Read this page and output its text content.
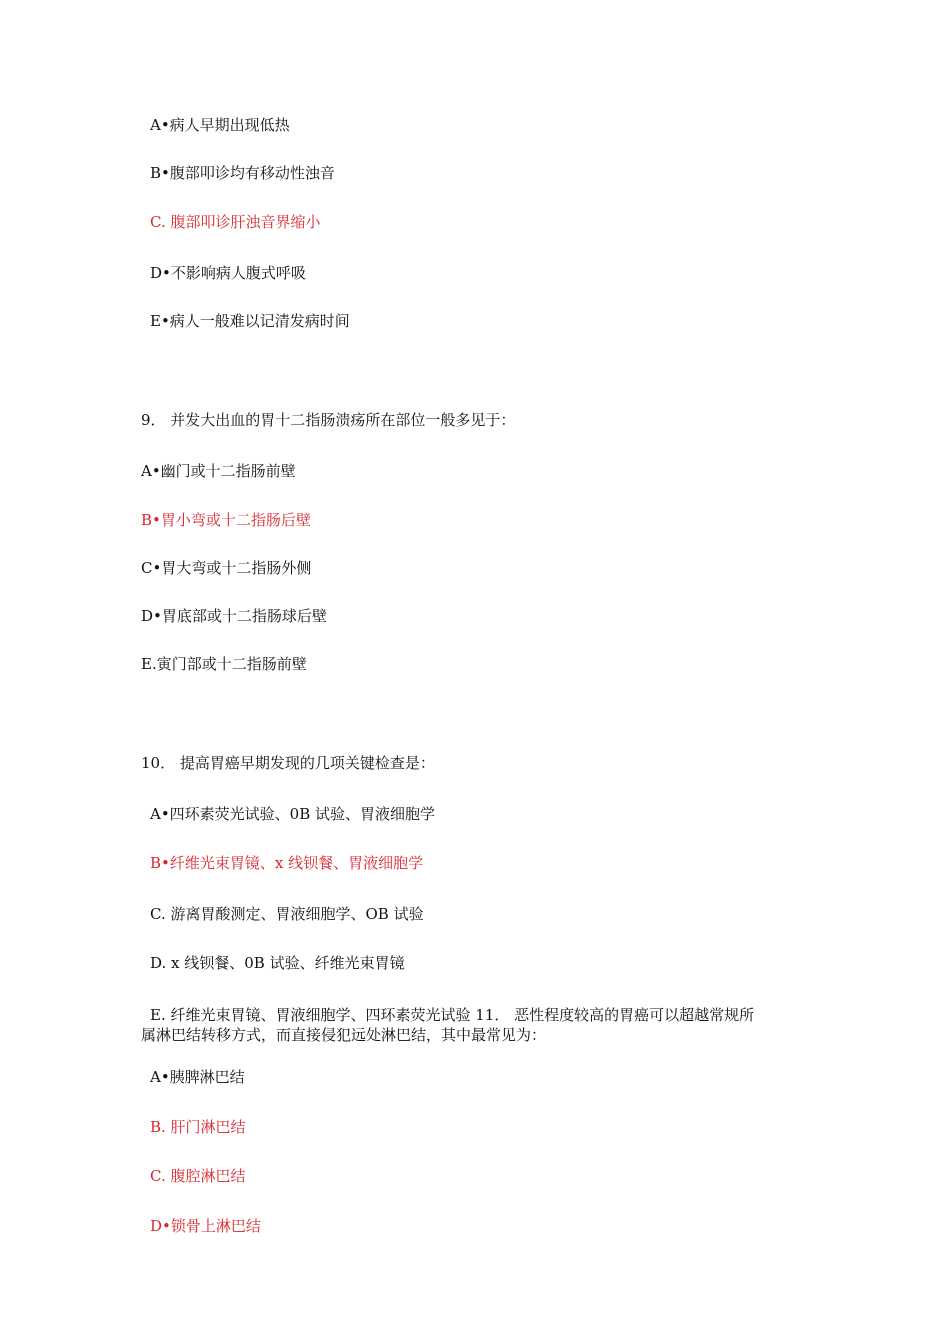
A•病人早期出现低热
B•腹部叩诊均有移动性浊音
C. 腹部叩诊肝浊音界缩小
D•不影响病人腹式呼吸
E•病人一般难以记清发病时间
9． 并发大出血的胃十二指肠溃疡所在部位一般多见于：
A•幽门或十二指肠前壁
B•胃小弯或十二指肠后壁
C•胃大弯或十二指肠外侧
D•胃底部或十二指肠球后壁
E.寅门部或十二指肠前壁
10． 提高胃癌早期发现的几项关键检查是：
A•四环素荧光试验、0B 试验、胃液细胞学
B•纤维光束胃镜、x 线钡餐、胃液细胞学
C. 游离胃酸测定、胃液细胞学、OB 试验
D. x 线钡餐、0B 试验、纤维光束胃镜
E. 纤维光束胃镜、胃液细胞学、四环素荧光试验 11． 恶性程度较高的胃癌可以超越常规所
属淋巴结转移方式，而直接侵犯远处淋巴结，其中最常见为：
A•胰脾淋巴结
B. 肝门淋巴结
C. 腹腔淋巴结
D•锁骨上淋巴结
